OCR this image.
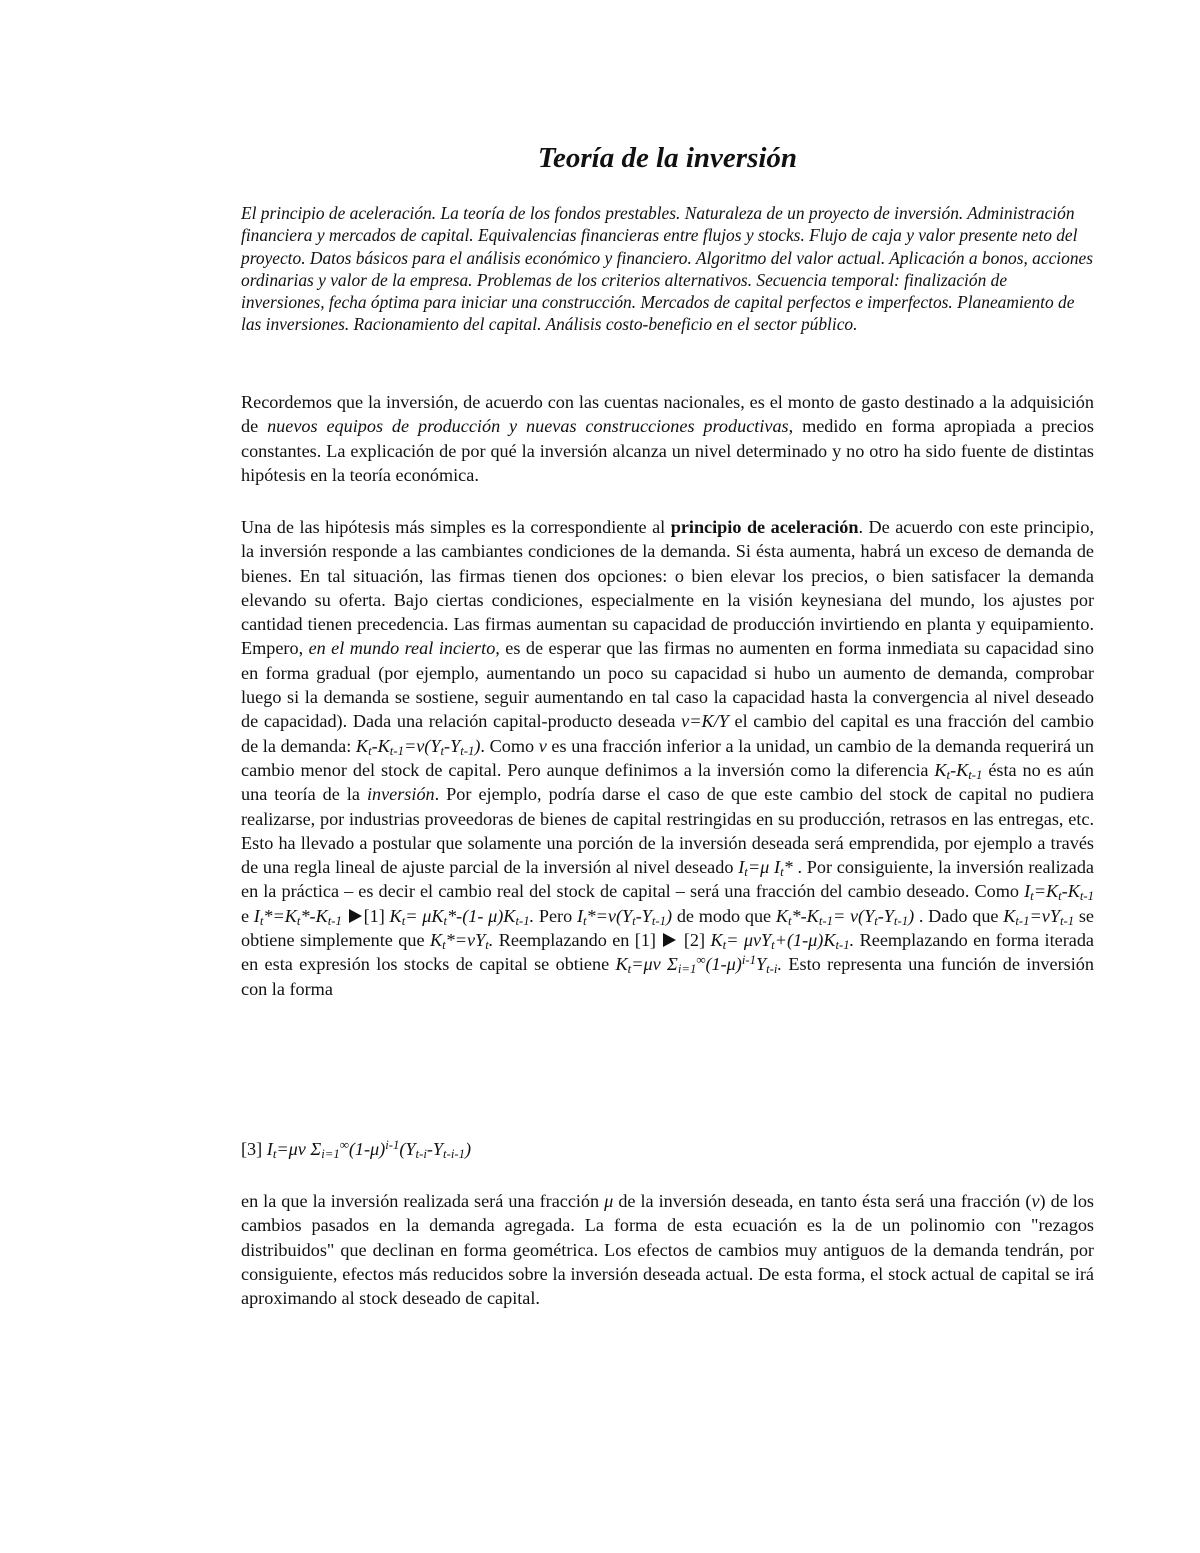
Teoría de la inversión

El principio de aceleración. La teoría de los fondos prestables. Naturaleza de un proyecto de inversión. Administración financiera y mercados de capital. Equivalencias financieras entre flujos y stocks. Flujo de caja y valor presente neto del proyecto. Datos básicos para el análisis económico y financiero. Algoritmo del valor actual. Aplicación a bonos, acciones ordinarias y valor de la empresa. Problemas de los criterios alternativos. Secuencia temporal: finalización de inversiones, fecha óptima para iniciar una construcción. Mercados de capital perfectos e imperfectos. Planeamiento de las inversiones. Racionamiento del capital. Análisis costo-beneficio en el sector público.

Recordemos que la inversión, de acuerdo con las cuentas nacionales, es el monto de gasto destinado a la adquisición de nuevos equipos de producción y nuevas construcciones productivas, medido en forma apropiada a precios constantes. La explicación de por qué la inversión alcanza un nivel determinado y no otro ha sido fuente de distintas hipótesis en la teoría económica.

Una de las hipótesis más simples es la correspondiente al principio de aceleración. De acuerdo con este principio, la inversión responde a las cambiantes condiciones de la demanda. Si ésta aumenta, habrá un exceso de demanda de bienes. En tal situación, las firmas tienen dos opciones: o bien elevar los precios, o bien satisfacer la demanda elevando su oferta. Bajo ciertas condiciones, especialmente en la visión keynesiana del mundo, los ajustes por cantidad tienen precedencia. Las firmas aumentan su capacidad de producción invirtiendo en planta y equipamiento. Empero, en el mundo real incierto, es de esperar que las firmas no aumenten en forma inmediata su capacidad sino en forma gradual (por ejemplo, aumentando un poco su capacidad si hubo un aumento de demanda, comprobar luego si la demanda se sostiene, seguir aumentando en tal caso la capacidad hasta la convergencia al nivel deseado de capacidad). Dada una relación capital-producto deseada v=K/Y el cambio del capital es una fracción del cambio de la demanda: $K_t-K_{t-1}=\nu(Y_t-Y_{t-1})$. Como ν es una fracción inferior a la unidad, un cambio de la demanda requerirá un cambio menor del stock de capital. Pero aunque definimos a la inversión como la diferencia $K_t-K_{t-1}$ ésta no es aún una teoría de la inversión. Por ejemplo, podría darse el caso de que este cambio del stock de capital no pudiera realizarse, por industrias proveedoras de bienes de capital restringidas en su producción, retrasos en las entregas, etc. Esto ha llevado a postular que solamente una porción de la inversión deseada será emprendida, por ejemplo a través de una regla lineal de ajuste parcial de la inversión al nivel deseado $I_t=\mu$ $I_t*$ . Por consiguiente, la inversión realizada en la práctica – es decir el cambio real del stock de capital – será una fracción del cambio deseado. Como $I_t=K_t-K_{t-1}$ e $I_t*=K_t*-K_{t-1}$ [1] $K_t= \mu K_t*-(1-$ $\mu)K_{t-1}$. Pero $I_t*=\nu(Y_t-Y_{t-1})$ de modo que $K_t*-K_{t-1}= \nu(Y_t-Y_{t-1})$ . Dado que $K_{t-1}=\nu Y_{t-1}$ se obtiene simplemente que $K_t*=\nu Y_t$. Reemplazando en [1]  [2] $K_t= \mu\nu Y_t+(1-\mu)K_{t-1}$. Reemplazando en forma iterada en esta expresión los stocks de capital se obtiene $K_t=\mu\nu$ $\Sigma_{i=1}^\infty(1-\mu)^{i-1}Y_{t-i}$. Esto representa una función de inversión con la forma

[3] $I_t=\mu\nu$ $\Sigma_{i=1}^\infty(1-\mu)^{i-1}(Y_{t-i}-Y_{t-i-1})$

en la que la inversión realizada será una fracción μ de la inversión deseada, en tanto ésta será una fracción (ν) de los cambios pasados en la demanda agregada. La forma de esta ecuación es la de un polinomio con "rezagos distribuidos" que declinan en forma geométrica. Los efectos de cambios muy antiguos de la demanda tendrán, por consiguiente, efectos más reducidos sobre la inversión deseada actual. De esta forma, el stock actual de capital se irá aproximando al stock deseado de capital.
